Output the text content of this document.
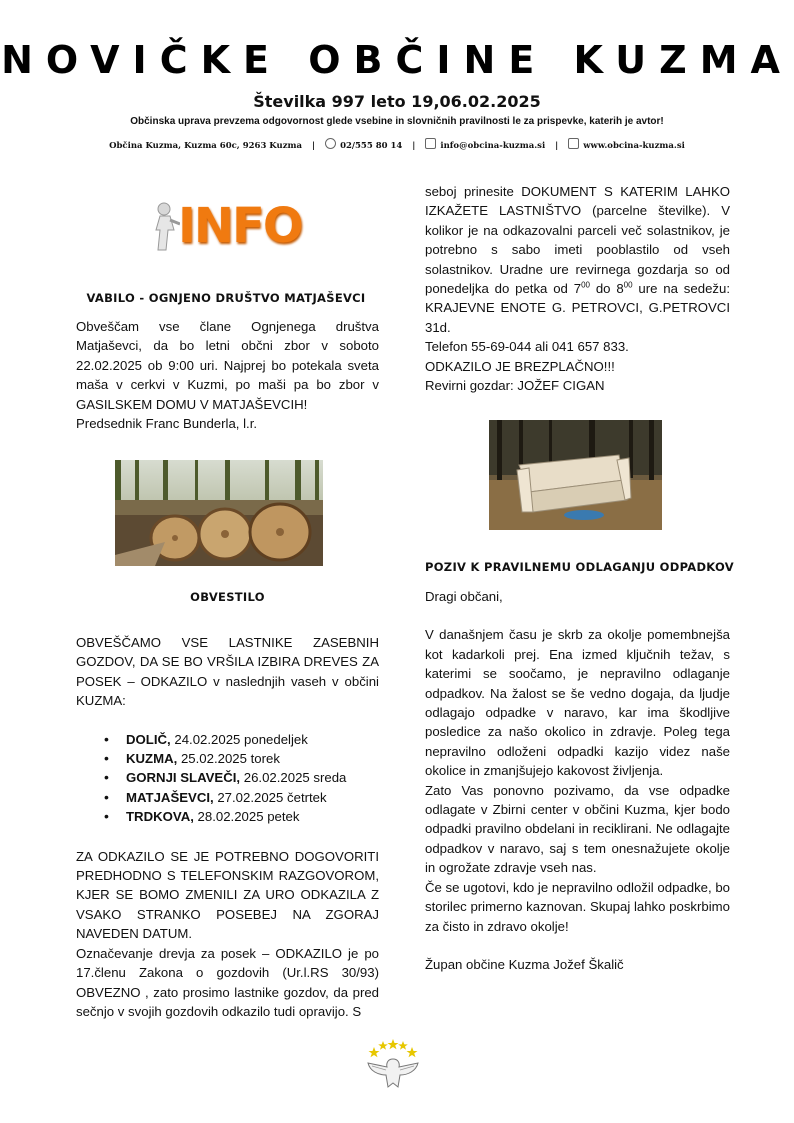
NOVIČKE OBČINE KUZMA
Številka 997 leto 19,06.02.2025
Občinska uprava prevzema odgovornost glede vsebine in slovničnih pravilnosti le za prispevke, katerih je avtor!
Občina Kuzma, Kuzma 60c, 9263 Kuzma |	02/555 80 14 |	info@obcina-kuzma.si |	www.obcina-kuzma.si
INFO
VABILO - OGNJENO DRUŠTVO MATJAŠEVCI

Obveščam vse člane Ognjenega društva Matjaševci, da bo letni občni zbor v soboto 22.02.2025 ob 9:00 uri. Najprej bo potekala sveta maša v cerkvi v Kuzmi, po maši pa bo zbor v GASILSKEM DOMU V MATJAŠEVCIH!

Predsednik Franc Bunderla, l.r.

OBVESTILO

OBVEŠČAMO VSE LASTNIKE ZASEBNIH GOZDOV, DA SE BO VRŠILA IZBIRA DREVES ZA POSEK – ODKAZILO v naslednjih vaseh v občini KUZMA:

• DOLIČ, 24.02.2025 ponedeljek
• KUZMA, 25.02.2025 torek
• GORNJI SLAVEČI, 26.02.2025 sreda
• MATJAŠEVCI, 27.02.2025 četrtek
• TRDKOVA, 28.02.2025 petek

ZA ODKAZILO SE JE POTREBNO DOGOVORITI PREDHODNO S TELEFONSKIM RAZGOVOROM, KJER SE BOMO ZMENILI ZA URO ODKAZILA Z VSAKO STRANKO POSEBEJ NA ZGORAJ NAVEDEN DATUM.

Označevanje drevja za posek – ODKAZILO je po 17.členu Zakona o gozdovih (Ur.l.RS 30/93) OBVEZNO , zato prosimo lastnike gozdov, da pred sečnjo v svojih gozdovih odkazilo tudi opravijo. S

seboj prinesite DOKUMENT S KATERIM LAHKO IZKAŽETE LASTNIŠTVO (parcelne številke). V kolikor je na odkazovalni parceli več solastnikov, je potrebno s sabo imeti pooblastilo od vseh solastnikov. Uradne ure revirnega gozdarja so od ponedeljka do petka od $7^{00}$ do $8^{00}$ ure na sedežu: KRAJEVNE ENOTE G. PETROVCI, G.PETROVCI 31d.

Telefon 55-69-044 ali 041 657 833.

ODKAZILO JE BREZPLAČNO!!!

Revirni gozdar: JOŽEF CIGAN

POZIV K PRAVILNEMU ODLAGANJU ODPADKOV

Dragi občani,

V današnjem času je skrb za okolje pomembnejša kot kadarkoli prej. Ena izmed ključnih težav, s katerimi se soočamo, je nepravilno odlaganje odpadkov. Na žalost se še vedno dogaja, da ljudje odlagajo odpadke v naravo, kar ima škodljive posledice za našo okolico in zdravje. Poleg tega nepravilno odloženi odpadki kazijo videz naše okolice in zmanjšujejo kakovost življenja.

Zato Vas ponovno pozivamo, da vse odpadke odlagate v Zbirni center v občini Kuzma, kjer bodo odpadki pravilno obdelani in reciklirani. Ne odlagajte odpadkov v naravo, saj s tem onesnažujete okolje in ogrožate zdravje vseh nas.

Če se ugotovi, kdo je nepravilno odložil odpadke, bo storilec primerno kaznovan. Skupaj lahko poskrbimo za čisto in zdravo okolje!

Župan občine Kuzma Jožef Škalič
